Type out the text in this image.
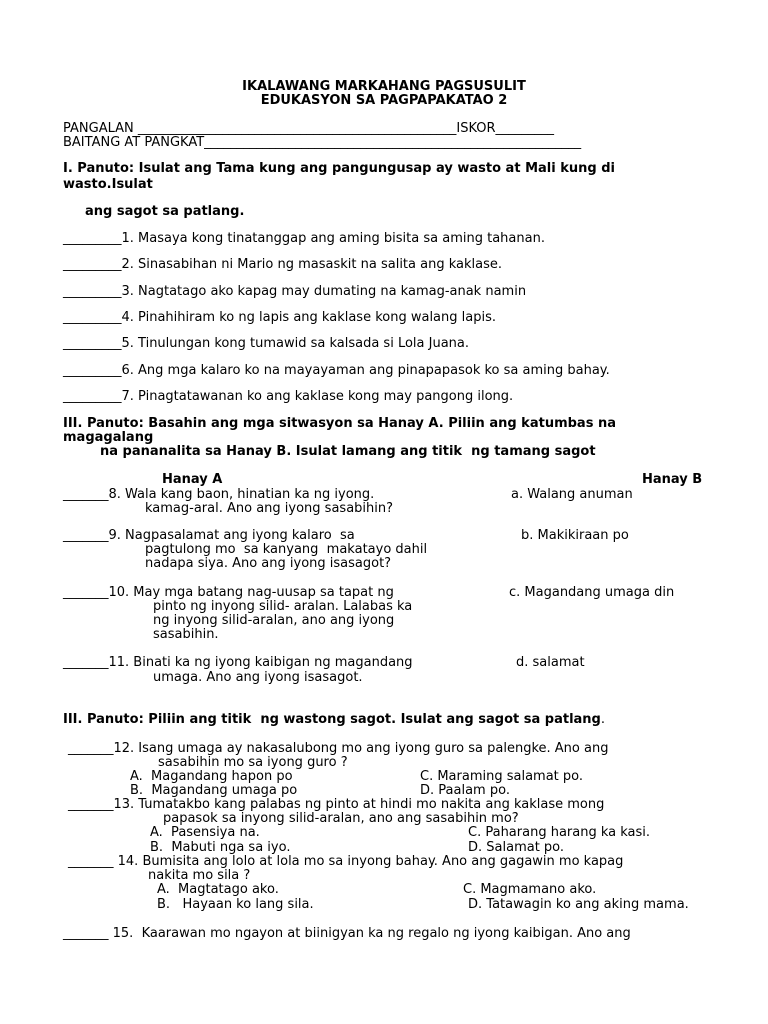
IKALAWANG MARKAHANG PAGSUSULIT
EDUKASYON SA PAGPAPAKATAO 2
PANGALAN _________________________________________________ISKOR_________
BAITANG AT PANGKAT__________________________________________________________
I. Panuto: Isulat ang Tama kung ang pangungusap ay wasto at Mali kung di
wasto.Isulat
ang sagot sa patlang.
_________1. Masaya kong tinatanggap ang aming bisita sa aming tahanan.
_________2. Sinasabihan ni Mario ng masaskit na salita ang kaklase.
_________3. Nagtatago ako kapag may dumating na kamag-anak namin
_________4. Pinahihiram ko ng lapis ang kaklase kong walang lapis.
_________5. Tinulungan kong tumawid sa kalsada si Lola Juana.
_________6. Ang mga kalaro ko na mayayaman ang pinapapasok ko sa aming bahay.
_________7. Pinagtatawanan ko ang kaklase kong may pangong ilong.
III. Panuto: Basahin ang mga sitwasyon sa Hanay A. Piliin ang katumbas na
magagalang
na pananalita sa Hanay B. Isulat lamang ang titik  ng tamang sagot
Hanay A	Hanay B
_______8. Wala kang baon, hinatian ka ng iyong.
kamag-aral. Ano ang iyong sasabihin?
a. Walang anuman
_______9. Nagpasalamat ang iyong kalaro  sa
pagtulong mo  sa kanyang  makatayo dahil
nadapa siya. Ano ang iyong isasagot?
b. Makikiraan po
_______10. May mga batang nag-uusap sa tapat ng
pinto ng inyong silid- aralan. Lalabas ka
ng inyong silid-aralan, ano ang iyong
sasabihin.
c. Magandang umaga din
_______11. Binati ka ng iyong kaibigan ng magandang
umaga. Ano ang iyong isasagot.
d. salamat
III. Panuto: Piliin ang titik  ng wastong sagot. Isulat ang sagot sa patlang.
_______12. Isang umaga ay nakasalubong mo ang iyong guro sa palengke. Ano ang
sasabihin mo sa iyong guro ?
A.  Magandang hapon po	C. Maraming salamat po.
B.  Magandang umaga po	D. Paalam po.
_______13. Tumatakbo kang palabas ng pinto at hindi mo nakita ang kaklase mong
papasok sa inyong silid-aralan, ano ang sasabihin mo?
A.  Pasensiya na.	C. Paharang harang ka kasi.
B.  Mabuti nga sa iyo.	D. Salamat po.
_______ 14. Bumisita ang lolo at lola mo sa inyong bahay. Ano ang gagawin mo kapag
nakita mo sila ?
A.  Magtatago ako.	C. Magmamano ako.
B.   Hayaan ko lang sila.	D. Tatawagin ko ang aking mama.
_______ 15.  Kaarawan mo ngayon at biinigyan ka ng regalo ng iyong kaibigan. Ano ang
